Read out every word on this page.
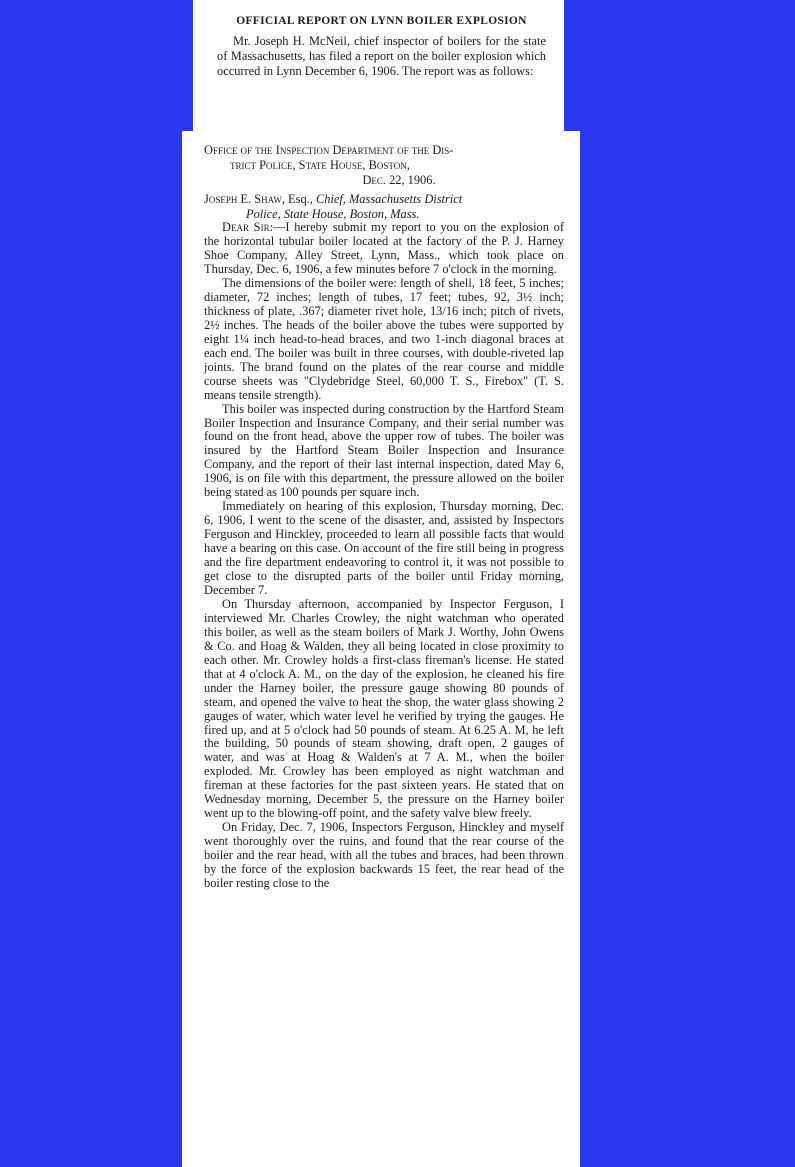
OFFICIAL REPORT ON LYNN BOILER EXPLOSION

Mr. Joseph H. McNeil, chief inspector of boilers for the state of Massachusetts, has filed a report on the boiler explosion which occurred in Lynn December 6, 1906. The report was as follows:

Office of the Inspection Department of the Dis-
trict Police, State House, Boston,
Dec. 22, 1906.

Joseph E. Shaw, Esq., Chief, Massachusetts District
Police, State House, Boston, Mass.

Dear Sir:—I hereby submit my report to you on the explosion of the horizontal tubular boiler located at the factory of the P. J. Harney Shoe Company, Alley Street, Lynn, Mass., which took place on Thursday, Dec. 6, 1906, a few minutes before 7 o'clock in the morning.

The dimensions of the boiler were: length of shell, 18 feet, 5 inches; diameter, 72 inches; length of tubes, 17 feet; tubes, 92, 3½ inch; thickness of plate, .367; diameter rivet hole, 13/16 inch; pitch of rivets, 2½ inches. The heads of the boiler above the tubes were supported by eight 1¼ inch head-to-head braces, and two 1-inch diagonal braces at each end. The boiler was built in three courses, with double-riveted lap joints. The brand found on the plates of the rear course and middle course sheets was "Clydebridge Steel, 60,000 T. S., Firebox" (T. S. means tensile strength).

This boiler was inspected during construction by the Hartford Steam Boiler Inspection and Insurance Company, and their serial number was found on the front head, above the upper row of tubes. The boiler was insured by the Hartford Steam Boiler Inspection and Insurance Company, and the report of their last internal inspection, dated May 6, 1906, is on file with this department, the pressure allowed on the boiler being stated as 100 pounds per square inch.

Immediately on hearing of this explosion, Thursday morning, Dec. 6, 1906, I went to the scene of the disaster, and, assisted by Inspectors Ferguson and Hinckley, proceeded to learn all possible facts that would have a bearing on this case. On account of the fire still being in progress and the fire department endeavoring to control it, it was not possible to get close to the disrupted parts of the boiler until Friday morning, December 7.

On Thursday afternoon, accompanied by Inspector Ferguson, I interviewed Mr. Charles Crowley, the night watchman who operated this boiler, as well as the steam boilers of Mark J. Worthy, John Owens & Co. and Hoag & Walden, they all being located in close proximity to each other. Mr. Crowley holds a first-class fireman's license. He stated that at 4 o'clock A. M., on the day of the explosion, he cleaned his fire under the Harney boiler, the pressure gauge showing 80 pounds of steam, and opened the valve to heat the shop, the water glass showing 2 gauges of water, which water level he verified by trying the gauges. He fired up, and at 5 o'clock had 50 pounds of steam. At 6.25 A. M, he left the building, 50 pounds of steam showing, draft open, 2 gauges of water, and was at Hoag & Walden's at 7 A. M., when the boiler exploded. Mr. Crowley has been employed as night watchman and fireman at these factories for the past sixteen years. He stated that on Wednesday morning, December 5, the pressure on the Harney boiler went up to the blowing-off point, and the safety valve blew freely.

On Friday, Dec. 7, 1906, Inspectors Ferguson, Hinckley and myself went thoroughly over the ruins, and found that the rear course of the boiler and the rear head, with all the tubes and braces, had been thrown by the force of the explosion backwards 15 feet, the rear head of the boiler resting close to the
